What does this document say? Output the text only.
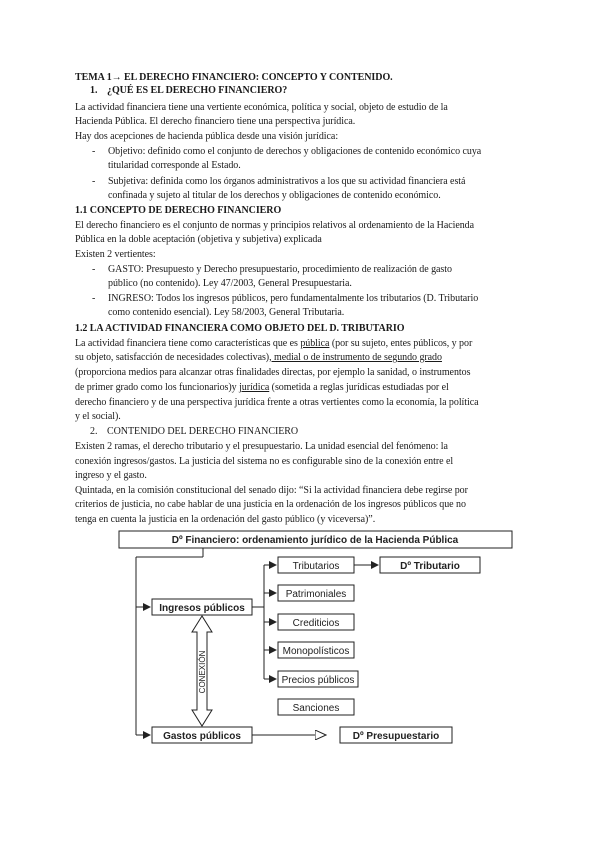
TEMA 1→ EL DERECHO FINANCIERO: CONCEPTO Y CONTENIDO.
1. ¿QUÉ ES EL DERECHO FINANCIERO?
La actividad financiera tiene una vertiente económica, política y social, objeto de estudio de la
Hacienda Pública. El derecho financiero tiene una perspectiva jurídica.
Hay dos acepciones de hacienda pública desde una visión jurídica:
- Objetivo: definido como el conjunto de derechos y obligaciones de contenido económico cuya
titularidad corresponde al Estado.
- Subjetiva: definida como los órganos administrativos a los que su actividad financiera está
confinada y sujeto al titular de los derechos y obligaciones de contenido económico.
1.1 CONCEPTO DE DERECHO FINANCIERO
El derecho financiero es el conjunto de normas y principios relativos al ordenamiento de la Hacienda
Pública en la doble aceptación (objetiva y subjetiva) explicada
Existen 2 vertientes:
- GASTO: Presupuesto y Derecho presupuestario, procedimiento de realización de gasto
público (no contenido). Ley 47/2003, General Presupuestaria.
- INGRESO: Todos los ingresos públicos, pero fundamentalmente los tributarios (D. Tributario
como contenido esencial). Ley 58/2003, General Tributaria.
1.2 LA ACTIVIDAD FINANCIERA COMO OBJETO DEL D. TRIBUTARIO
La actividad financiera tiene como características que es pública (por su sujeto, entes públicos, y por
su objeto, satisfacción de necesidades colectivas), medial o de instrumento de segundo grado
(proporciona medios para alcanzar otras finalidades directas, por ejemplo la sanidad, o instrumentos
de primer grado como los funcionarios)y jurídica (sometida a reglas jurídicas estudiadas por el
derecho financiero y de una perspectiva jurídica frente a otras vertientes como la economía, la política
y el social).
2. CONTENIDO DEL DERECHO FINANCIERO
Existen 2 ramas, el derecho tributario y el presupuestario. La unidad esencial del fenómeno: la
conexión ingresos/gastos. La justicia del sistema no es configurable sino de la conexión entre el
ingreso y el gasto.
Quintada, en la comisión constitucional del senado dijo: “Si la actividad financiera debe regirse por
criterios de justicia, no cabe hablar de una justicia en la ordenación de los ingresos públicos que no
tenga en cuenta la justicia en la ordenación del gasto público (y viceversa)”.
Dº Financiero: ordenamiento jurídico de la Hacienda Pública
Ingresos públicos
Gastos públicos
CONEXIÓN
Tributarios	Dº Tributario
Patrimoniales
Crediticios
Monopolísticos
Precios públicos
Sanciones
Dº Presupuestario
